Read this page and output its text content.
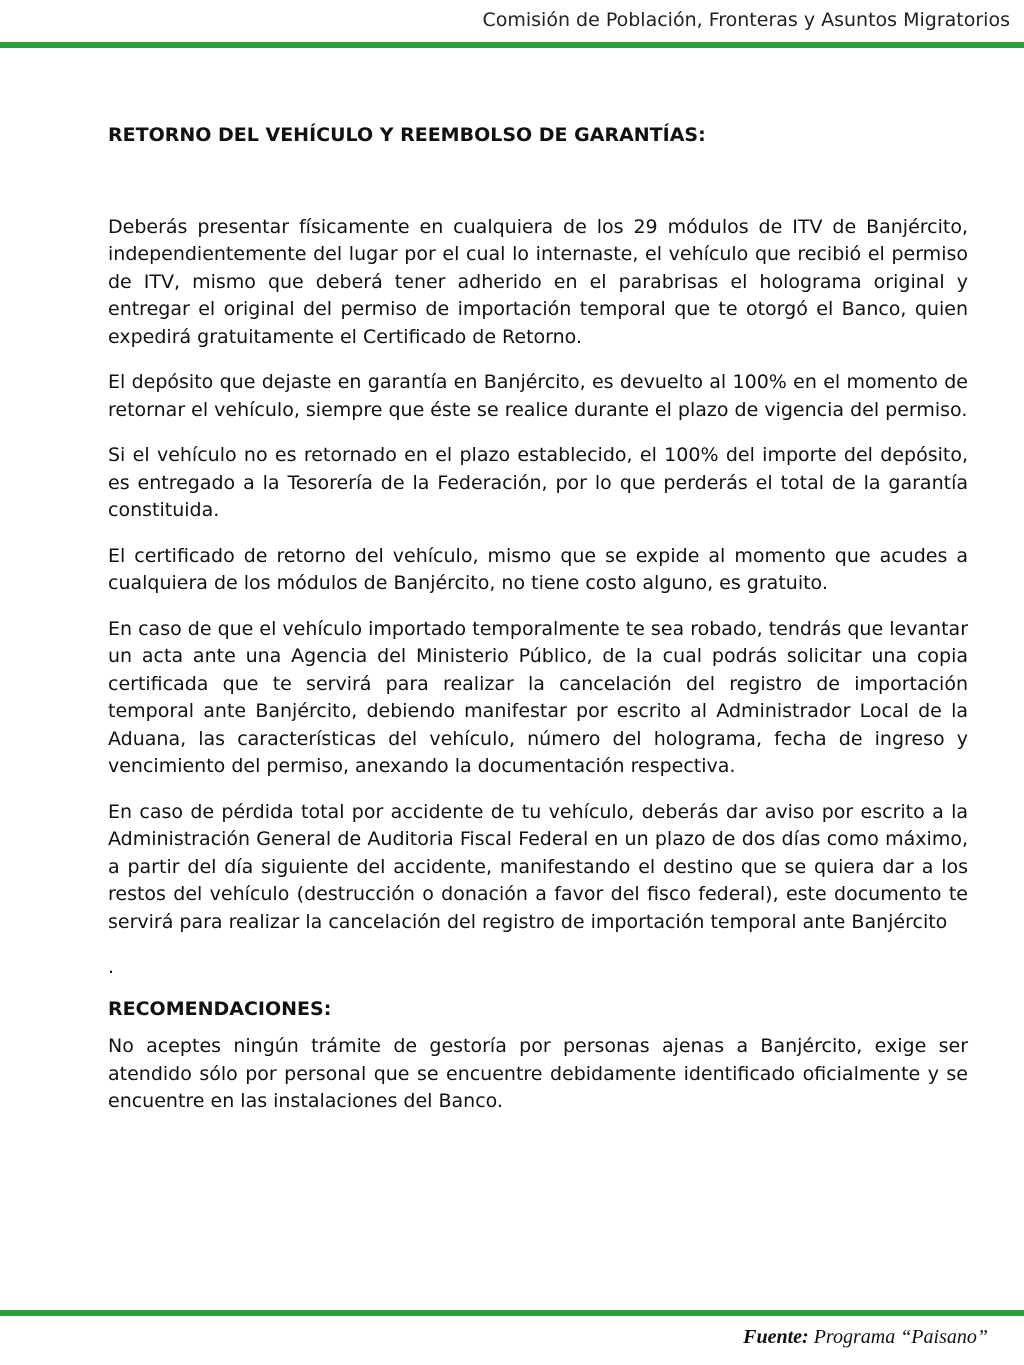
Comisión de Población, Fronteras y Asuntos Migratorios

RETORNO DEL VEHÍCULO Y REEMBOLSO DE GARANTÍAS:

Deberás presentar físicamente en cualquiera de los 29 módulos de ITV de Banjército, independientemente del lugar por el cual lo internaste, el vehículo que recibió el permiso de ITV, mismo que deberá tener adherido en el parabrisas el holograma original y entregar el original del permiso de importación temporal que te otorgó el Banco, quien expedirá gratuitamente el Certificado de Retorno.

El depósito que dejaste en garantía en Banjército, es devuelto al 100% en el momento de retornar el vehículo, siempre que éste se realice durante el plazo de vigencia del permiso.

Si el vehículo no es retornado en el plazo establecido, el 100% del importe del depósito, es entregado a la Tesorería de la Federación, por lo que perderás el total de la garantía constituida.

El certificado de retorno del vehículo, mismo que se expide al momento que acudes a cualquiera de los módulos de Banjército, no tiene costo alguno, es gratuito.

En caso de que el vehículo importado temporalmente te sea robado, tendrás que levantar un acta ante una Agencia del Ministerio Público, de la cual podrás solicitar una copia certificada que te servirá para realizar la cancelación del registro de importación temporal ante Banjército, debiendo manifestar por escrito al Administrador Local de la Aduana, las características del vehículo, número del holograma, fecha de ingreso y vencimiento del permiso, anexando la documentación respectiva.

En caso de pérdida total por accidente de tu vehículo, deberás dar aviso por escrito a la Administración General de Auditoria Fiscal Federal en un plazo de dos días como máximo, a partir del día siguiente del accidente, manifestando el destino que se quiera dar a los restos del vehículo (destrucción o donación a favor del fisco federal), este documento te servirá para realizar la cancelación del registro de importación temporal ante Banjército

.

RECOMENDACIONES:

No aceptes ningún trámite de gestoría por personas ajenas a Banjército, exige ser atendido sólo por personal que se encuentre debidamente identificado oficialmente y se encuentre en las instalaciones del Banco.

Fuente: Programa “Paisano”
